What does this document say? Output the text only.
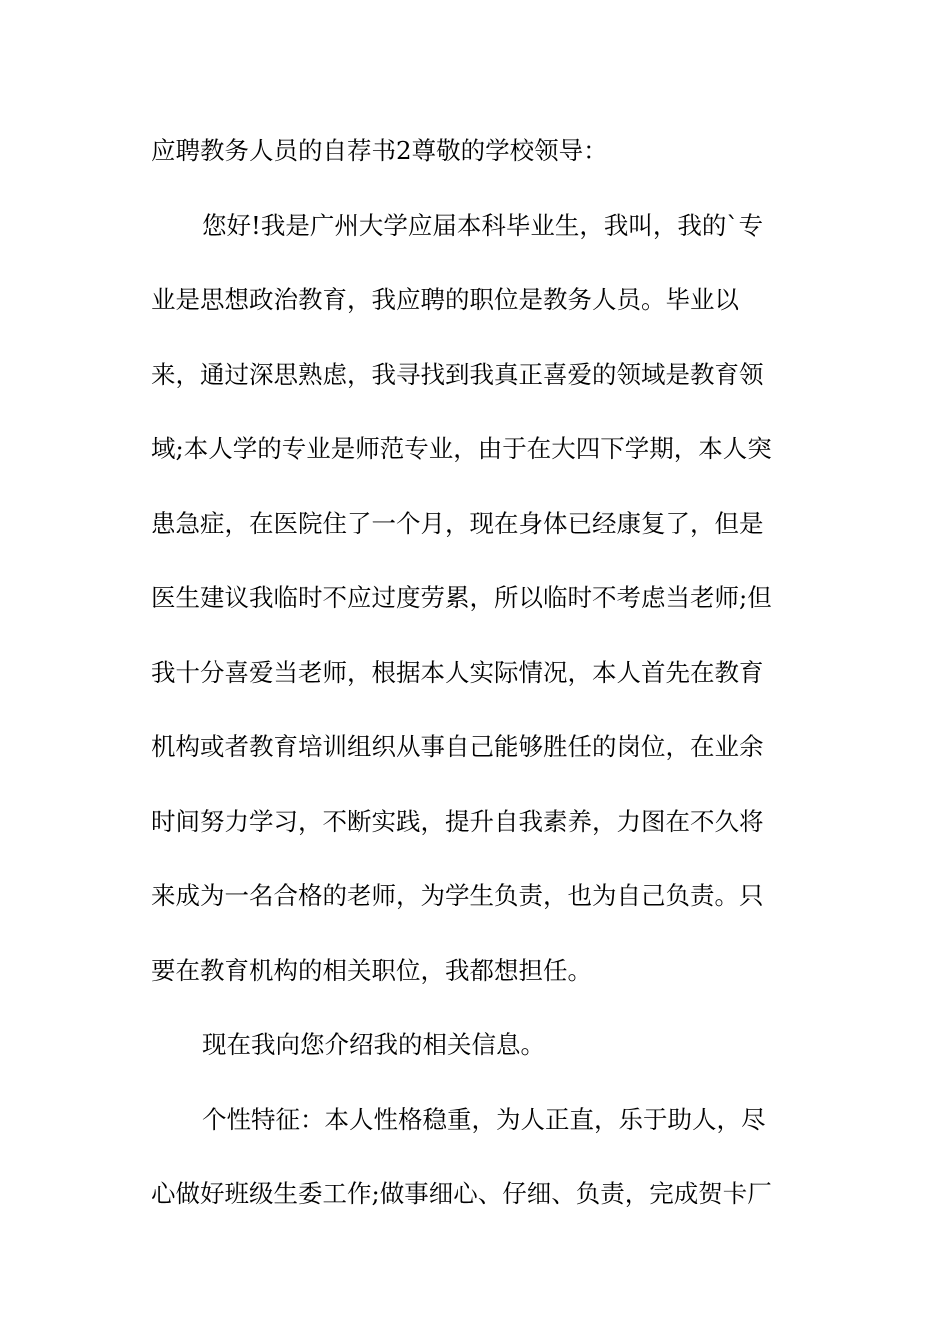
应聘教务人员的自荐书2尊敬的学校领导：
您好!我是广州大学应届本科毕业生，我叫，我的`专
业是思想政治教育，我应聘的职位是教务人员。毕业以
来，通过深思熟虑，我寻找到我真正喜爱的领域是教育领
域;本人学的专业是师范专业，由于在大四下学期，本人突
患急症，在医院住了一个月，现在身体已经康复了，但是
医生建议我临时不应过度劳累，所以临时不考虑当老师;但
我十分喜爱当老师，根据本人实际情况，本人首先在教育
机构或者教育培训组织从事自己能够胜任的岗位，在业余
时间努力学习，不断实践，提升自我素养，力图在不久将
来成为一名合格的老师，为学生负责，也为自己负责。只
要在教育机构的相关职位，我都想担任。
现在我向您介绍我的相关信息。
个性特征：本人性格稳重，为人正直，乐于助人，尽
心做好班级生委工作;做事细心、仔细、负责，完成贺卡厂
